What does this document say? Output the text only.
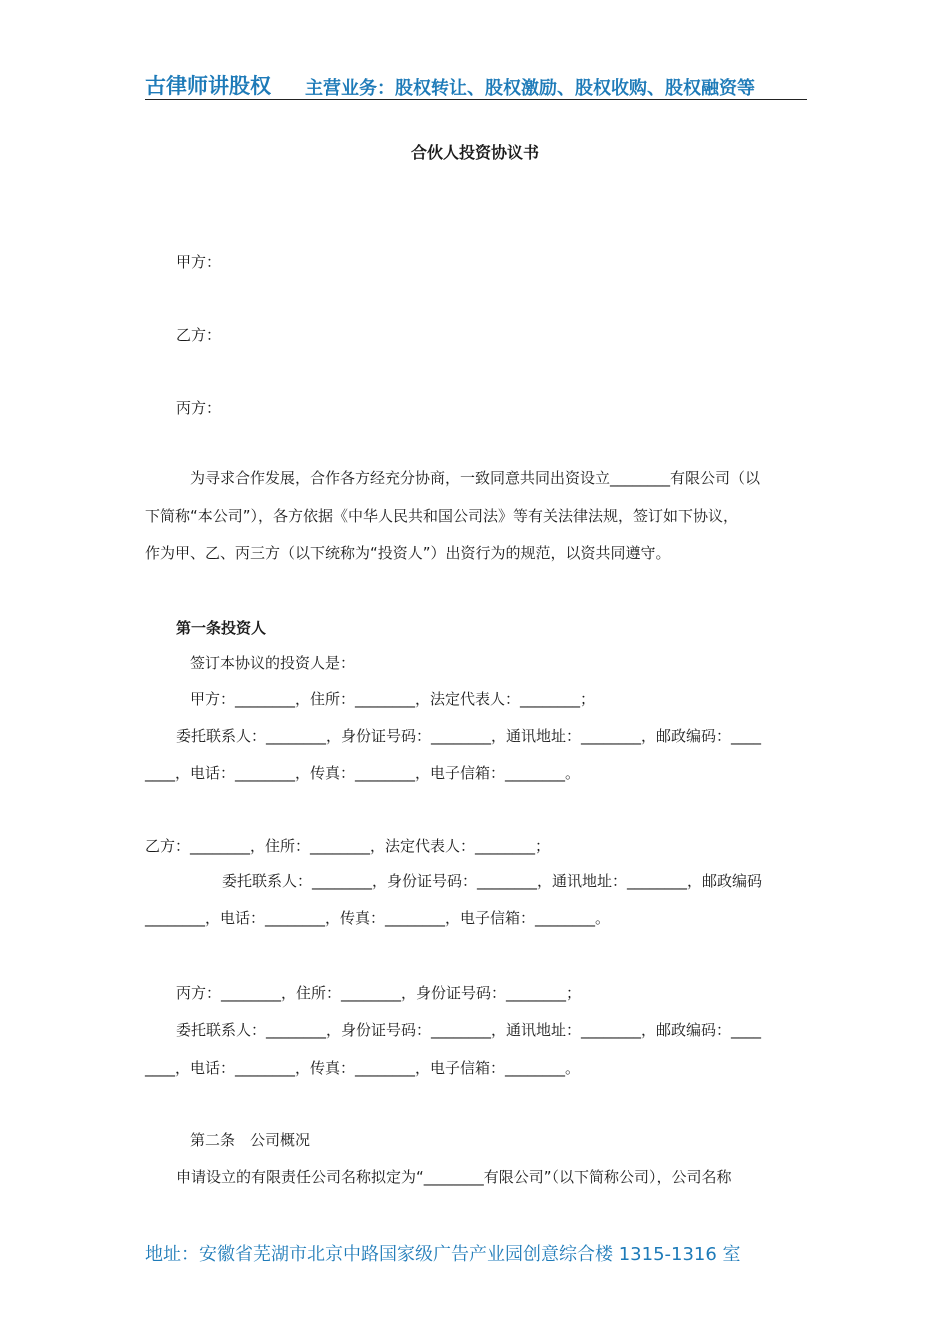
古律师讲股权 主营业务：股权转让、股权激励、股权收购、股权融资等
合伙人投资协议书
甲方：
乙方：
丙方：
为寻求合作发展，合作各方经充分协商，一致同意共同出资设立________有限公司（以
下简称“本公司”），各方依据《中华人民共和国公司法》等有关法律法规，签订如下协议，
作为甲、乙、丙三方（以下统称为“投资人”）出资行为的规范，以资共同遵守。
第一条投资人
签订本协议的投资人是：
甲方：________，住所：________，法定代表人：________；
委托联系人：________，身份证号码：________，通讯地址：________，邮政编码：____
____，电话：________，传真：________，电子信箱：________。
乙方：________，住所：________，法定代表人：________；
委托联系人：________，身份证号码：________，通讯地址：________，邮政编码
________，电话：________，传真：________，电子信箱：________。
丙方：________，住所：________，身份证号码：________；
委托联系人：________，身份证号码：________，通讯地址：________，邮政编码：____
____，电话：________，传真：________，电子信箱：________。
第二条　公司概况
申请设立的有限责任公司名称拟定为“________有限公司”（以下简称公司），公司名称
地址：安徽省芜湖市北京中路国家级广告产业园创意综合楼 1315-1316 室
